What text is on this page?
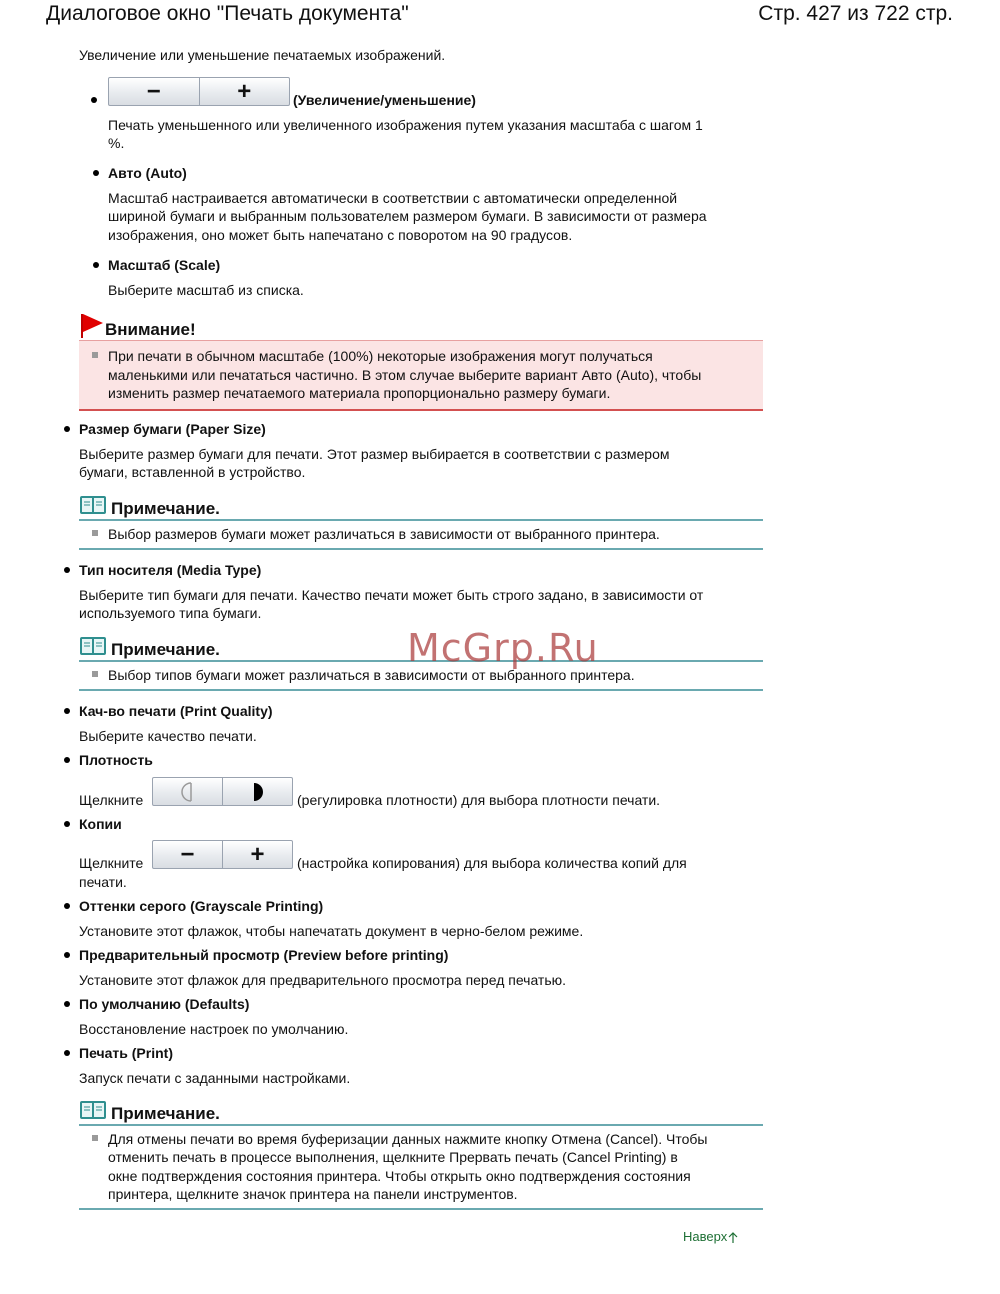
Диалоговое окно "Печать документа"	Стр. 427 из 722 стр.
Увеличение или уменьшение печатаемых изображений.
−	+	(Увеличение/уменьшение)
Печать уменьшенного или увеличенного изображения путем указания масштаба с шагом 1
%.
Авто (Auto)
Масштаб настраивается автоматически в соответствии с автоматически определенной
шириной бумаги и выбранным пользователем размером бумаги. В зависимости от размера
изображения, оно может быть напечатано с поворотом на 90 градусов.
Масштаб (Scale)
Выберите масштаб из списка.
Внимание!
При печати в обычном масштабе (100%) некоторые изображения могут получаться
маленькими или печататься частично. В этом случае выберите вариант Авто (Auto), чтобы
изменить размер печатаемого материала пропорционально размеру бумаги.
Размер бумаги (Paper Size)
Выберите размер бумаги для печати. Этот размер выбирается в соответствии с размером
бумаги, вставленной в устройство.
Примечание.
Выбор размеров бумаги может различаться в зависимости от выбранного принтера.
Тип носителя (Media Type)
Выберите тип бумаги для печати. Качество печати может быть строго задано, в зависимости от
используемого типа бумаги.
Примечание.
Выбор типов бумаги может различаться в зависимости от выбранного принтера.
McGrp.Ru
Кач-во печати (Print Quality)
Выберите качество печати.
Плотность
Щелкните	(регулировка плотности) для выбора плотности печати.
Копии
Щелкните	−	+	(настройка копирования) для выбора количества копий для
печати.
Оттенки серого (Grayscale Printing)
Установите этот флажок, чтобы напечатать документ в черно-белом режиме.
Предварительный просмотр (Preview before printing)
Установите этот флажок для предварительного просмотра перед печатью.
По умолчанию (Defaults)
Восстановление настроек по умолчанию.
Печать (Print)
Запуск печати с заданными настройками.
Примечание.
Для отмены печати во время буферизации данных нажмите кнопку Отмена (Cancel). Чтобы
отменить печать в процессе выполнения, щелкните Прервать печать (Cancel Printing) в
окне подтверждения состояния принтера. Чтобы открыть окно подтверждения состояния
принтера, щелкните значок принтера на панели инструментов.
Наверх
